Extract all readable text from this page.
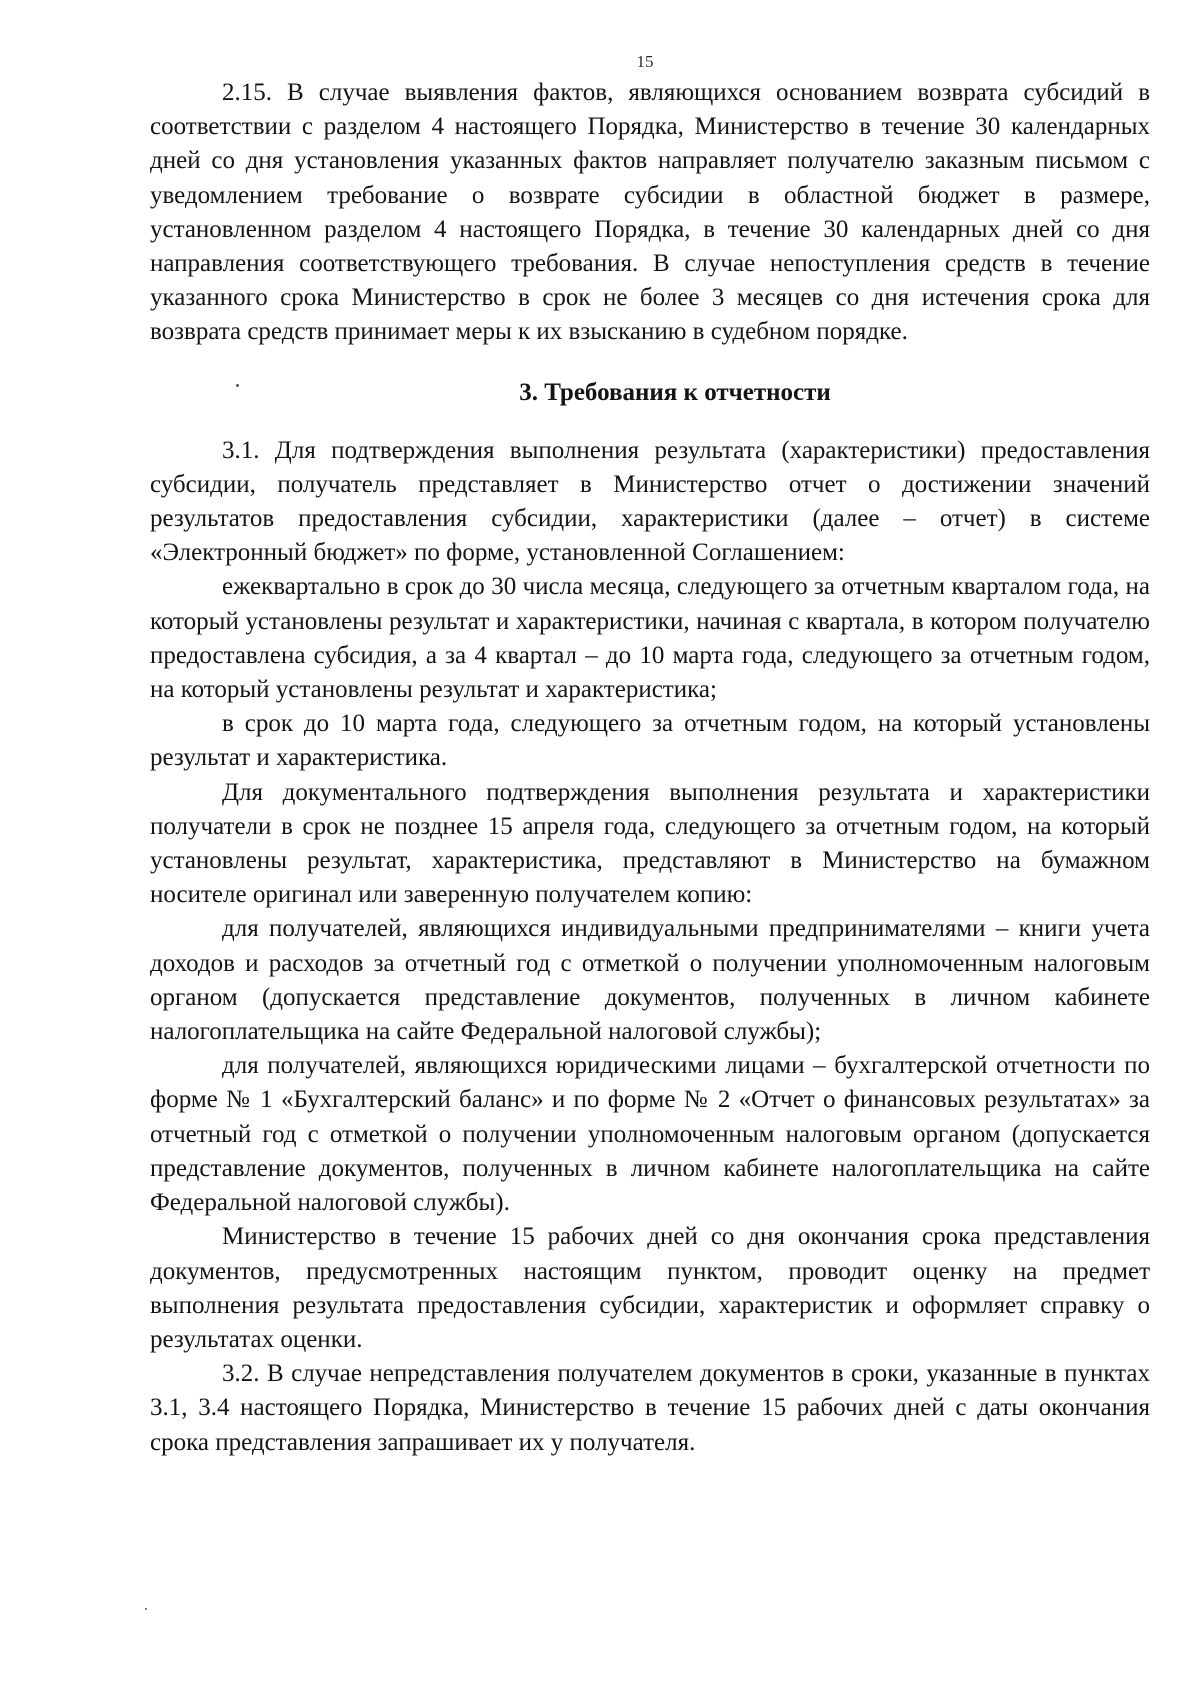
15

2.15. В случае выявления фактов, являющихся основанием возврата субсидий в соответствии с разделом 4 настоящего Порядка, Министерство в течение 30 календарных дней со дня установления указанных фактов направляет получателю заказным письмом с уведомлением требование о возврате субсидии в областной бюджет в размере, установленном разделом 4 настоящего Порядка, в течение 30 календарных дней со дня направления соответствующего требования. В случае непоступления средств в течение указанного срока Министерство в срок не более 3 месяцев со дня истечения срока для возврата средств принимает меры к их взысканию в судебном порядке.

3. Требования к отчетности

3.1. Для подтверждения выполнения результата (характеристики) предоставления субсидии, получатель представляет в Министерство отчет о достижении значений результатов предоставления субсидии, характеристики (далее – отчет) в системе «Электронный бюджет» по форме, установленной Соглашением:

ежеквартально в срок до 30 числа месяца, следующего за отчетным кварталом года, на который установлены результат и характеристики, начиная с квартала, в котором получателю предоставлена субсидия, а за 4 квартал – до 10 марта года, следующего за отчетным годом, на который установлены результат и характеристика;

в срок до 10 марта года, следующего за отчетным годом, на который установлены результат и характеристика.

Для документального подтверждения выполнения результата и характеристики получатели в срок не позднее 15 апреля года, следующего за отчетным годом, на который установлены результат, характеристика, представляют в Министерство на бумажном носителе оригинал или заверенную получателем копию:

для получателей, являющихся индивидуальными предпринимателями – книги учета доходов и расходов за отчетный год с отметкой о получении уполномоченным налоговым органом (допускается представление документов, полученных в личном кабинете налогоплательщика на сайте Федеральной налоговой службы);

для получателей, являющихся юридическими лицами – бухгалтерской отчетности по форме № 1 «Бухгалтерский баланс» и по форме № 2 «Отчет о финансовых результатах» за отчетный год с отметкой о получении уполномоченным налоговым органом (допускается представление документов, полученных в личном кабинете налогоплательщика на сайте Федеральной налоговой службы).

Министерство в течение 15 рабочих дней со дня окончания срока представления документов, предусмотренных настоящим пунктом, проводит оценку на предмет выполнения результата предоставления субсидии, характеристик и оформляет справку о результатах оценки.

3.2. В случае непредставления получателем документов в сроки, указанные в пунктах 3.1, 3.4 настоящего Порядка, Министерство в течение 15 рабочих дней с даты окончания срока представления запрашивает их у получателя.
